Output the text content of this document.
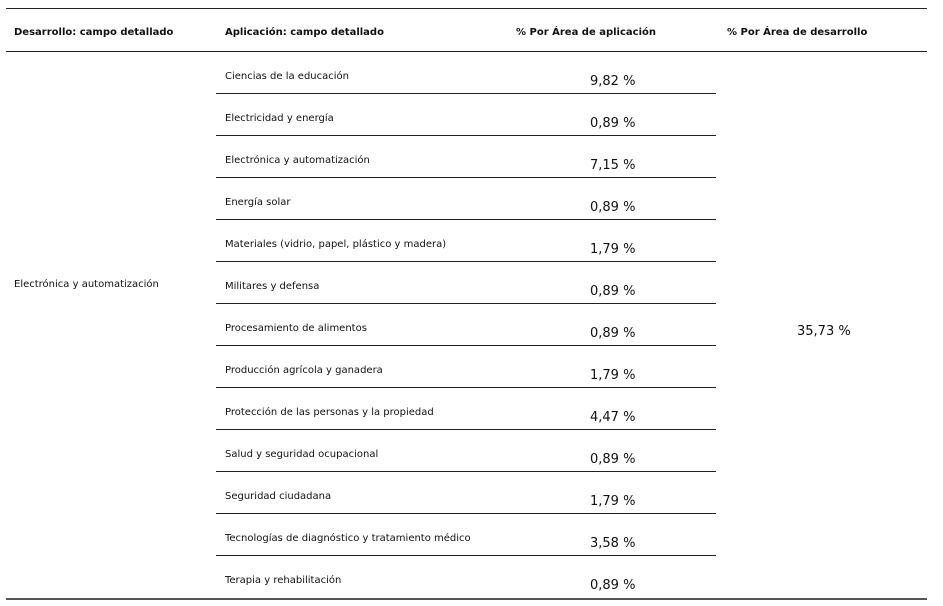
Desarrollo: campo detallado	Aplicación: campo detallado	% Por Área de aplicación	% Por Área de desarrollo
Electrónica y automatización
35,73 %
Ciencias de la educación	9,82 %
Electricidad y energía	0,89 %
Electrónica y automatización	7,15 %
Energía solar	0,89 %
Materiales (vidrio, papel, plástico y madera)	1,79 %
Militares y defensa	0,89 %
Procesamiento de alimentos	0,89 %
Producción agrícola y ganadera	1,79 %
Protección de las personas y la propiedad	4,47 %
Salud y seguridad ocupacional	0,89 %
Seguridad ciudadana	1,79 %
Tecnologías de diagnóstico y tratamiento médico	3,58 %
Terapia y rehabilitación	0,89 %
